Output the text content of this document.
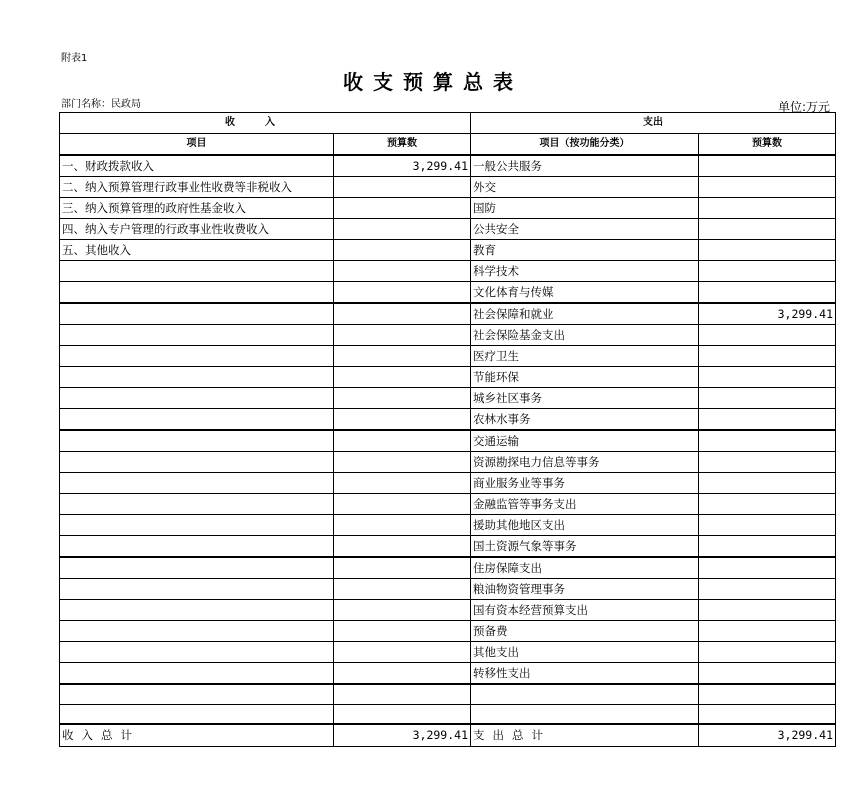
附表1
收支预算总表
部门名称：民政局	单位:万元
收入		支出	
项目	预算数	项目（按功能分类）	预算数
一、财政拨款收入	3,299.41	一般公共服务	
二、纳入预算管理行政事业性收费等非税收入		外交	
三、纳入预算管理的政府性基金收入		国防	
四、纳入专户管理的行政事业性收费收入		公共安全	
五、其他收入		教育	
		科学技术	
		文化体育与传媒	
		社会保障和就业	3,299.41
		社会保险基金支出	
		医疗卫生	
		节能环保	
		城乡社区事务	
		农林水事务	
		交通运输	
		资源勘探电力信息等事务	
		商业服务业等事务	
		金融监管等事务支出	
		援助其他地区支出	
		国土资源气象等事务	
		住房保障支出	
		粮油物资管理事务	
		国有资本经营预算支出	
		预备费	
		其他支出	
		转移性支出	

收入总计	3,299.41	支出总计	3,299.41
